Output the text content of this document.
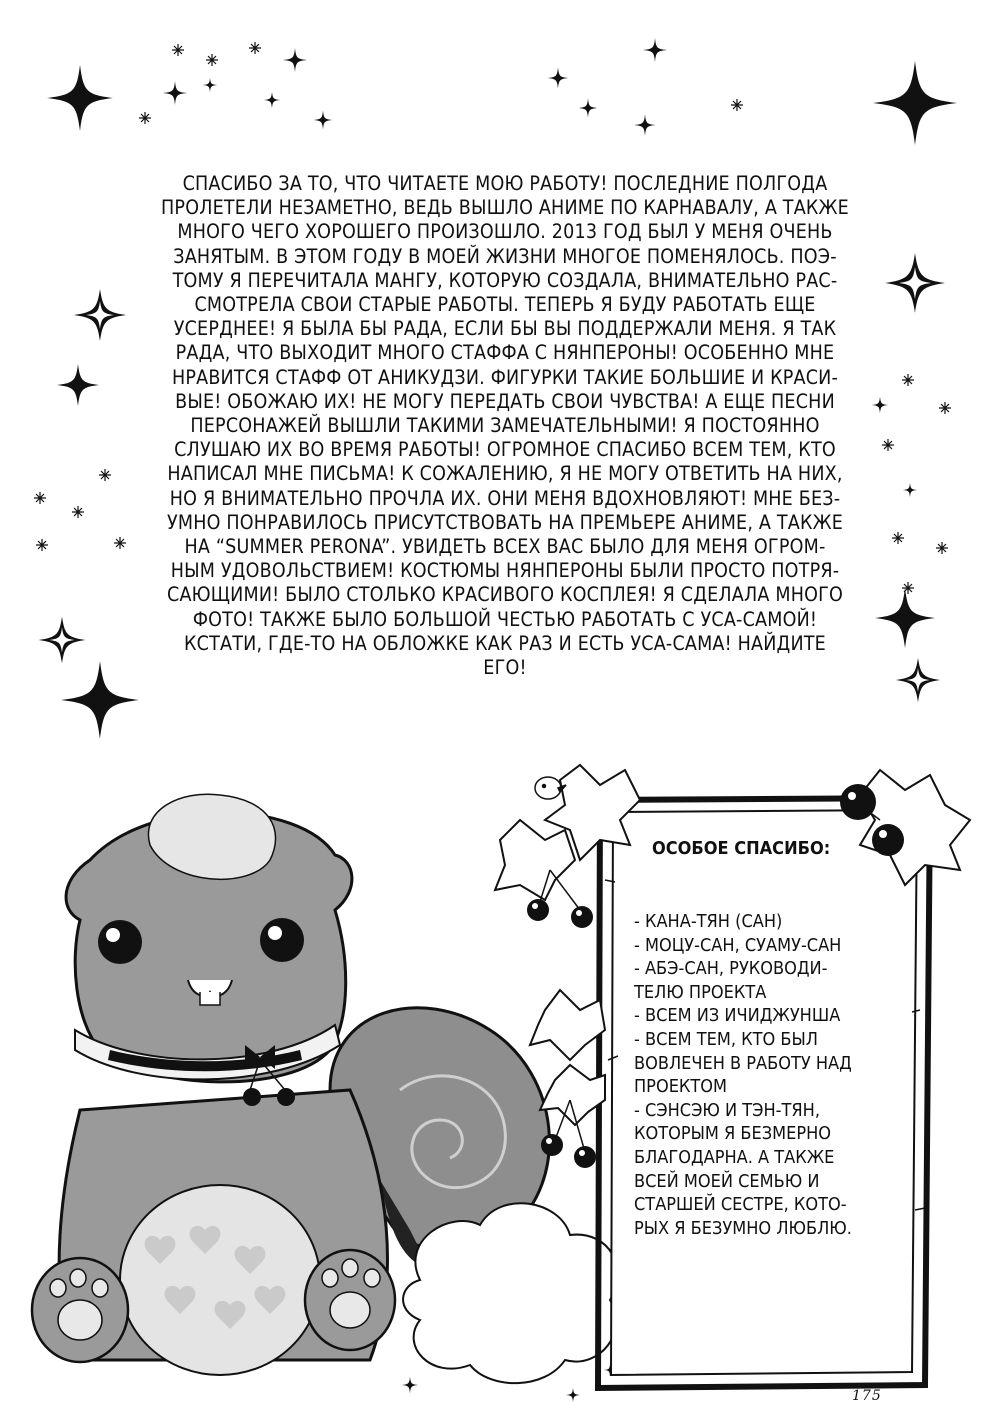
СПАСИБО ЗА ТО, ЧТО ЧИТАЕТЕ МОЮ РАБОТУ! ПОСЛЕДНИЕ ПОЛГОДА

ПРОЛЕТЕЛИ НЕЗАМЕТНО, ВЕДЬ ВЫШЛО АНИМЕ ПО КАРНАВАЛУ, А ТАКЖЕ

МНОГО ЧЕГО ХОРОШЕГО ПРОИЗОШЛО. 2013 ГОД БЫЛ У МЕНЯ ОЧЕНЬ

ЗАНЯТЫМ. В ЭТОМ ГОДУ В МОЕЙ ЖИЗНИ МНОГОЕ ПОМЕНЯЛОСЬ. ПОЭ-

ТОМУ Я ПЕРЕЧИТАЛА МАНГУ, КОТОРУЮ СОЗДАЛА, ВНИМАТЕЛЬНО РАС-

СМОТРЕЛА СВОИ СТАРЫЕ РАБОТЫ. ТЕПЕРЬ Я БУДУ РАБОТАТЬ ЕЩЕ

УСЕРДНЕЕ! Я БЫЛА БЫ РАДА, ЕСЛИ БЫ ВЫ ПОДДЕРЖАЛИ МЕНЯ. Я ТАК

РАДА, ЧТО ВЫХОДИТ МНОГО СТАФФА С НЯНПЕРОНЫ! ОСОБЕННО МНЕ

НРАВИТСЯ СТАФФ ОТ АНИКУДЗИ. ФИГУРКИ ТАКИЕ БОЛЬШИЕ И КРАСИ-

ВЫЕ! ОБОЖАЮ ИХ! НЕ МОГУ ПЕРЕДАТЬ СВОИ ЧУВСТВА! А ЕЩЕ ПЕСНИ

ПЕРСОНАЖЕЙ ВЫШЛИ ТАКИМИ ЗАМЕЧАТЕЛЬНЫМИ! Я ПОСТОЯННО

СЛУШАЮ ИХ ВО ВРЕМЯ РАБОТЫ! ОГРОМНОЕ СПАСИБО ВСЕМ ТЕМ, КТО

НАПИСАЛ МНЕ ПИСЬМА! К СОЖАЛЕНИЮ, Я НЕ МОГУ ОТВЕТИТЬ НА НИХ,

НО Я ВНИМАТЕЛЬНО ПРОЧЛА ИХ. ОНИ МЕНЯ ВДОХНОВЛЯЮТ! МНЕ БЕЗ-

УМНО ПОНРАВИЛОСЬ ПРИСУТСТВОВАТЬ НА ПРЕМЬЕРЕ АНИМЕ, А ТАКЖЕ

НА “SUMMER PERONA”. УВИДЕТЬ ВСЕХ ВАС БЫЛО ДЛЯ МЕНЯ ОГРОМ-

НЫМ УДОВОЛЬСТВИЕМ! КОСТЮМЫ НЯНПЕРОНЫ БЫЛИ ПРОСТО ПОТРЯ-

САЮЩИМИ! БЫЛО СТОЛЬКО КРАСИВОГО КОСПЛЕЯ! Я СДЕЛАЛА МНОГО

ФОТО! ТАКЖЕ БЫЛО БОЛЬШОЙ ЧЕСТЬЮ РАБОТАТЬ С УСА-САМОЙ!

КСТАТИ, ГДЕ-ТО НА ОБЛОЖКЕ КАК РАЗ И ЕСТЬ УСА-САМА! НАЙДИТЕ

ЕГО!

ОСОБОЕ СПАСИБО:
- КАНА-ТЯН (САН)
- МОЦУ-САН, СУАМУ-САН
- АБЭ-САН, РУКОВОДИ-
ТЕЛЮ ПРОЕКТА
- ВСЕМ ИЗ ИЧИДЖУНША
- ВСЕМ ТЕМ, КТО БЫЛ
ВОВЛЕЧЕН В РАБОТУ НАД
ПРОЕКТОМ
- СЭНСЭЮ И ТЭН-ТЯН,
КОТОРЫМ Я БЕЗМЕРНО
БЛАГОДАРНА. А ТАКЖЕ
ВСЕЙ МОЕЙ СЕМЬЮ И
СТАРШЕЙ СЕСТРЕ, КОТО-
РЫХ Я БЕЗУМНО ЛЮБЛЮ.
175
